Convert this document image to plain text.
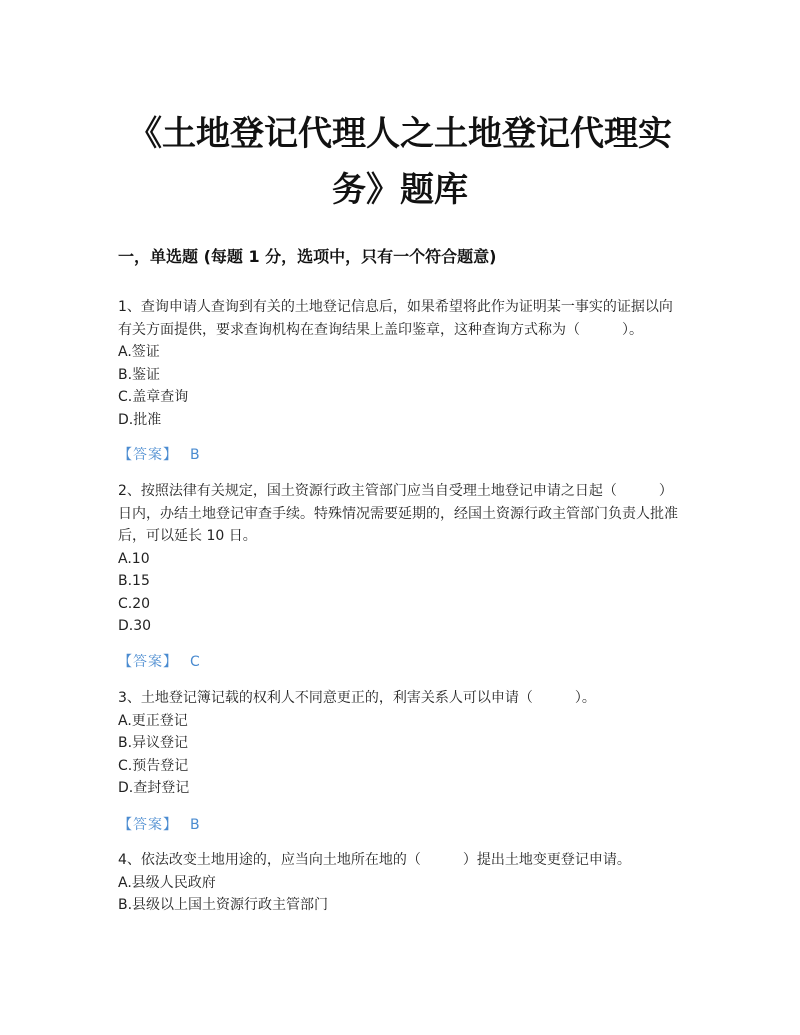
《土地登记代理人之土地登记代理实务》题库
一，单选题 (每题 1 分，选项中，只有一个符合题意)

1、查询申请人查询到有关的土地登记信息后，如果希望将此作为证明某一事实的证据以向有关方面提供，要求查询机构在查询结果上盖印鉴章，这种查询方式称为（　　　）。

A.签证

B.鉴证

C.盖章查询

D.批准

【答案】 B

2、按照法律有关规定，国土资源行政主管部门应当自受理土地登记申请之日起（　　　）日内，办结土地登记审查手续。特殊情况需要延期的，经国土资源行政主管部门负责人批准后，可以延长 10 日。

A.10

B.15

C.20

D.30

【答案】 C

3、土地登记簿记载的权利人不同意更正的，利害关系人可以申请（　　　）。

A.更正登记

B.异议登记

C.预告登记

D.查封登记

【答案】 B

4、依法改变土地用途的，应当向土地所在地的（　　　）提出土地变更登记申请。

A.县级人民政府

B.县级以上国土资源行政主管部门
